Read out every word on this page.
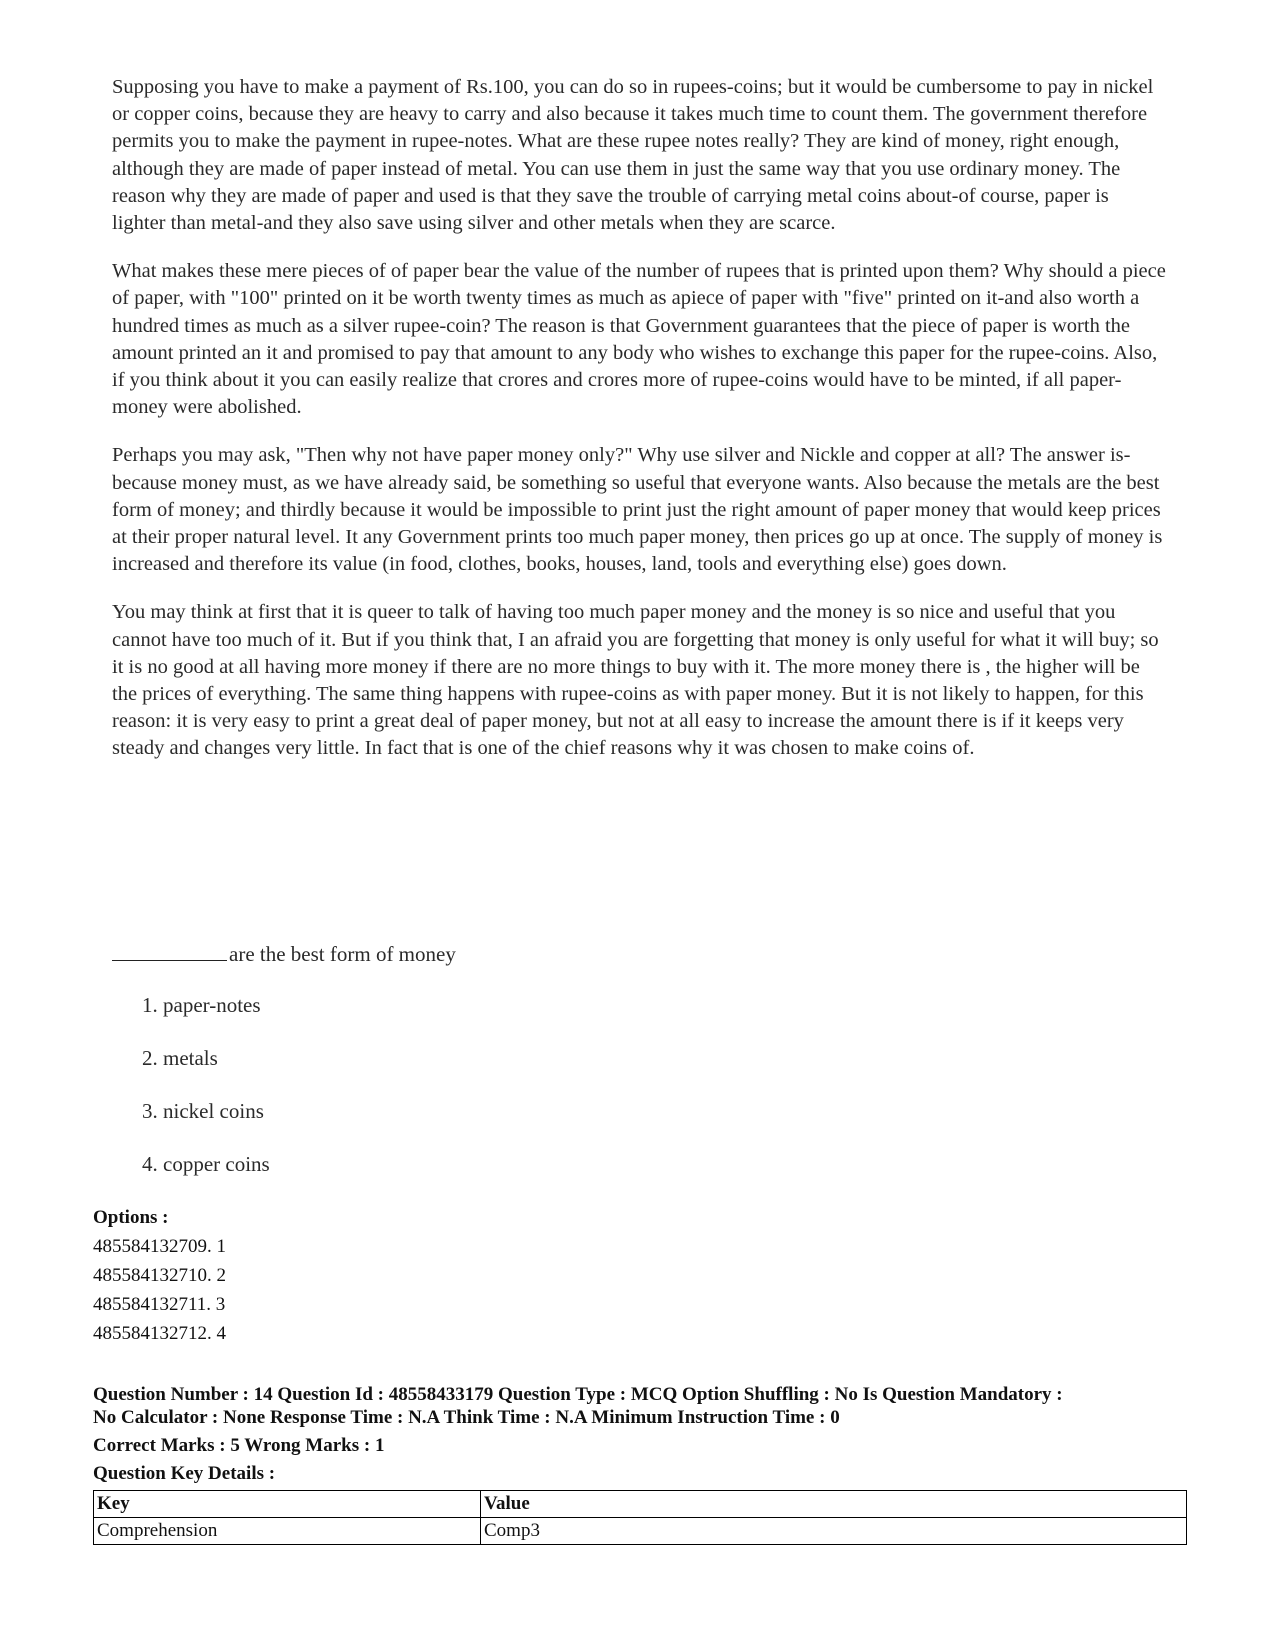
Supposing you have to make a payment of Rs.100, you can do so in rupees-coins; but it would be cumbersome to pay in nickel or copper coins, because they are heavy to carry and also because it takes much time to count them. The government therefore permits you to make the payment in rupee-notes. What are these rupee notes really? They are kind of money, right enough, although they are made of paper instead of metal. You can use them in just the same way that you use ordinary money. The reason why they are made of paper and used is that they save the trouble of carrying metal coins about-of course, paper is lighter than metal-and they also save using silver and other metals when they are scarce.

What makes these mere pieces of of paper bear the value of the number of rupees that is printed upon them? Why should a piece of paper, with "100" printed on it be worth twenty times as much as apiece of paper with "five" printed on it-and also worth a hundred times as much as a silver rupee-coin? The reason is that Government guarantees that the piece of paper is worth the amount printed an it and promised to pay that amount to any body who wishes to exchange this paper for the rupee-coins. Also, if you think about it you can easily realize that crores and crores more of rupee-coins would have to be minted, if all paper-money were abolished.

Perhaps you may ask, "Then why not have paper money only?" Why use silver and Nickle and copper at all? The answer is-because money must, as we have already said, be something so useful that everyone wants. Also because the metals are the best form of money; and thirdly because it would be impossible to print just the right amount of paper money that would keep prices at their proper natural level. It any Government prints too much paper money, then prices go up at once. The supply of money is increased and therefore its value (in food, clothes, books, houses, land, tools and everything else) goes down.

You may think at first that it is queer to talk of having too much paper money and the money is so nice and useful that you cannot have too much of it. But if you think that, I an afraid you are forgetting that money is only useful for what it will buy; so it is no good at all having more money if there are no more things to buy with it. The more money there is , the higher will be the prices of everything. The same thing happens with rupee-coins as with paper money. But it is not likely to happen, for this reason: it is very easy to print a great deal of paper money, but not at all easy to increase the amount there is if it keeps very steady and changes very little. In fact that is one of the chief reasons why it was chosen to make coins of.

are the best form of money
1. paper-notes
2. metals
3. nickel coins
4. copper coins
Options :
485584132709. 1
485584132710. 2
485584132711. 3
485584132712. 4
Question Number : 14 Question Id : 48558433179 Question Type : MCQ Option Shuffling : No Is Question Mandatory :
No Calculator : None Response Time : N.A Think Time : N.A Minimum Instruction Time : 0
Correct Marks : 5 Wrong Marks : 1
Question Key Details :
Key	Value
Comprehension	Comp3
